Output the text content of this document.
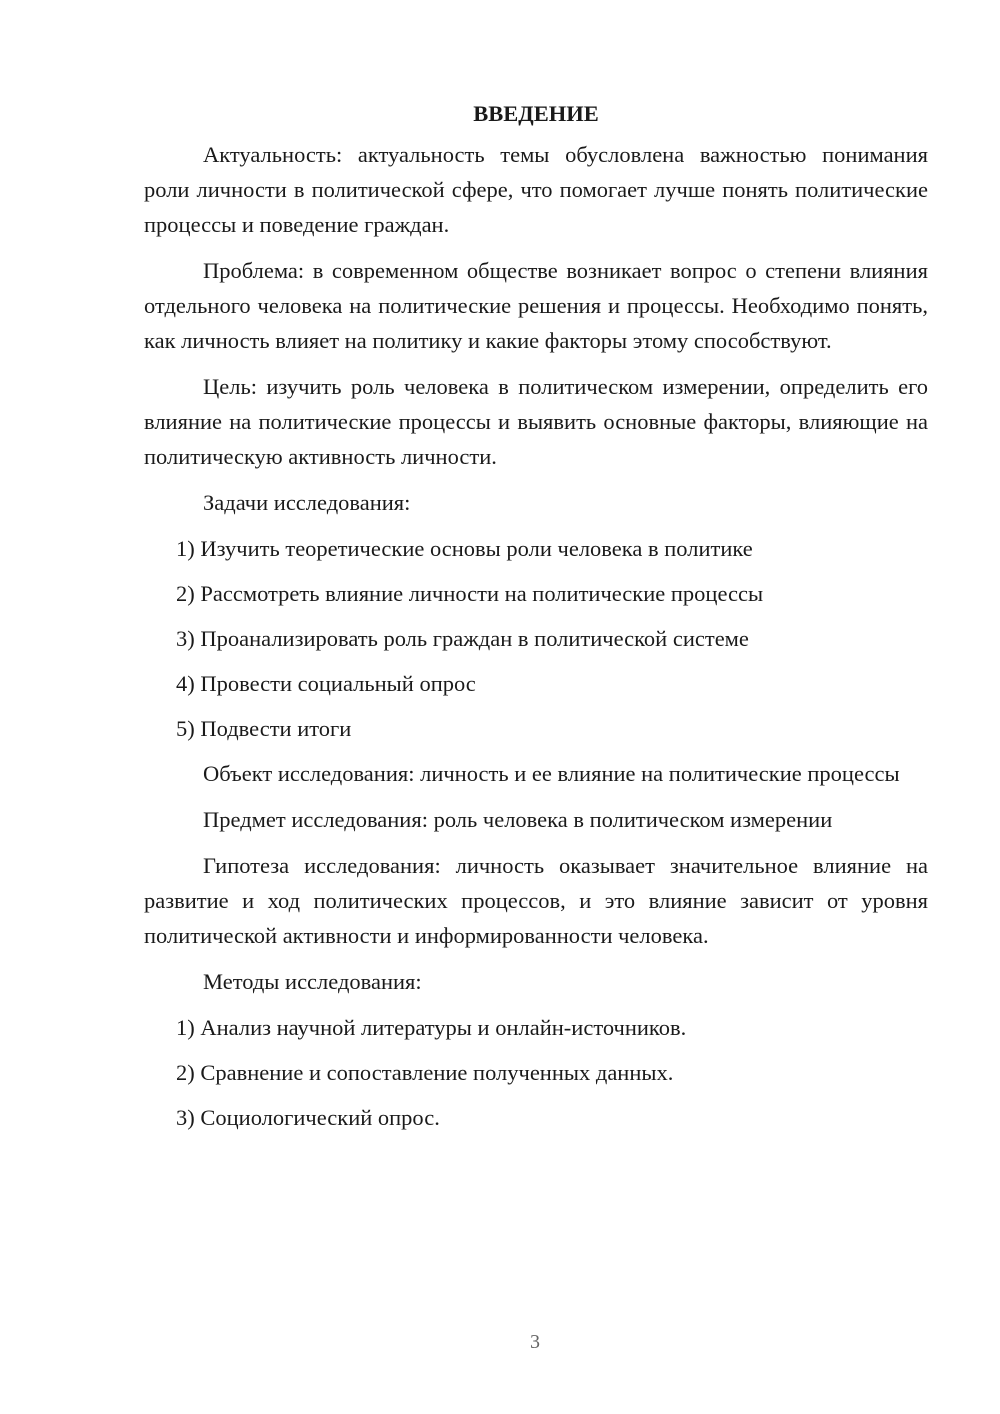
ВВЕДЕНИЕ

Актуальность: актуальность темы обусловлена важностью понимания роли личности в политической сфере, что помогает лучше понять политические процессы и поведение граждан.

Проблема: в современном обществе возникает вопрос о степени влияния отдельного человека на политические решения и процессы. Необходимо понять, как личность влияет на политику и какие факторы этому способствуют.

Цель: изучить роль человека в политическом измерении, определить его влияние на политические процессы и выявить основные факторы, влияющие на политическую активность личности.

Задачи исследования:

1) Изучить теоретические основы роли человека в политике
2) Рассмотреть влияние личности на политические процессы
3) Проанализировать роль граждан в политической системе
4) Провести социальный опрос
5) Подвести итоги

Объект исследования: личность и ее влияние на политические процессы

Предмет исследования: роль человека в политическом измерении

Гипотеза исследования: личность оказывает значительное влияние на развитие и ход политических процессов, и это влияние зависит от уровня политической активности и информированности человека.

Методы исследования:

1) Анализ научной литературы и онлайн-источников.
2) Сравнение и сопоставление полученных данных.
3) Социологический опрос.
3
